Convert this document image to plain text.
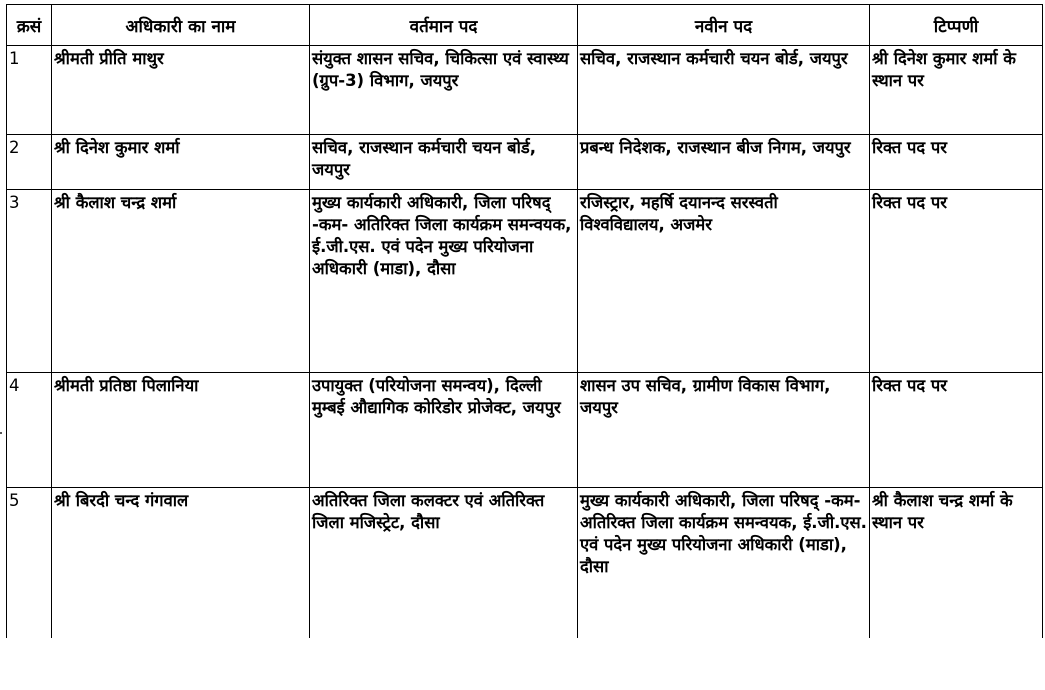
क्रसं	अधिकारी का नाम	वर्तमान पद	नवीन पद	टिप्पणी
1	श्रीमती प्रीति माथुर	संयुक्त शासन सचिव, चिकित्सा एवं स्वास्थ्य (ग्रुप-3) विभाग, जयपुर	सचिव, राजस्थान कर्मचारी चयन बोर्ड, जयपुर	श्री दिनेश कुमार शर्मा के स्थान पर

2	श्री दिनेश कुमार शर्मा	सचिव, राजस्थान कर्मचारी चयन बोर्ड, जयपुर	प्रबन्ध निदेशक, राजस्थान बीज निगम, जयपुर	रिक्त पद पर

3	श्री कैलाश चन्द्र शर्मा	मुख्य कार्यकारी अधिकारी, जिला परिषद् -कम- अतिरिक्त जिला कार्यक्रम समन्वयक, ई.जी.एस. एवं पदेन मुख्य परियोजना अधिकारी (माडा), दौसा	रजिस्ट्रार, महर्षि दयानन्द सरस्वती विश्वविद्यालय, अजमेर	रिक्त पद पर

4	श्रीमती प्रतिष्ठा पिलानिया	उपायुक्त (परियोजना समन्वय), दिल्ली मुम्बई औद्यागिक कोरिडोर प्रोजेक्ट, जयपुर	शासन उप सचिव, ग्रामीण विकास विभाग, जयपुर	रिक्त पद पर

5	श्री बिरदी चन्द गंगवाल	अतिरिक्त जिला कलक्टर एवं अतिरिक्त जिला मजिस्ट्रेट, दौसा	मुख्य कार्यकारी अधिकारी, जिला परिषद् -कम- अतिरिक्त जिला कार्यक्रम समन्वयक, ई.जी.एस. एवं पदेन मुख्य परियोजना अधिकारी (माडा), दौसा	श्री कैलाश चन्द्र शर्मा के स्थान पर
